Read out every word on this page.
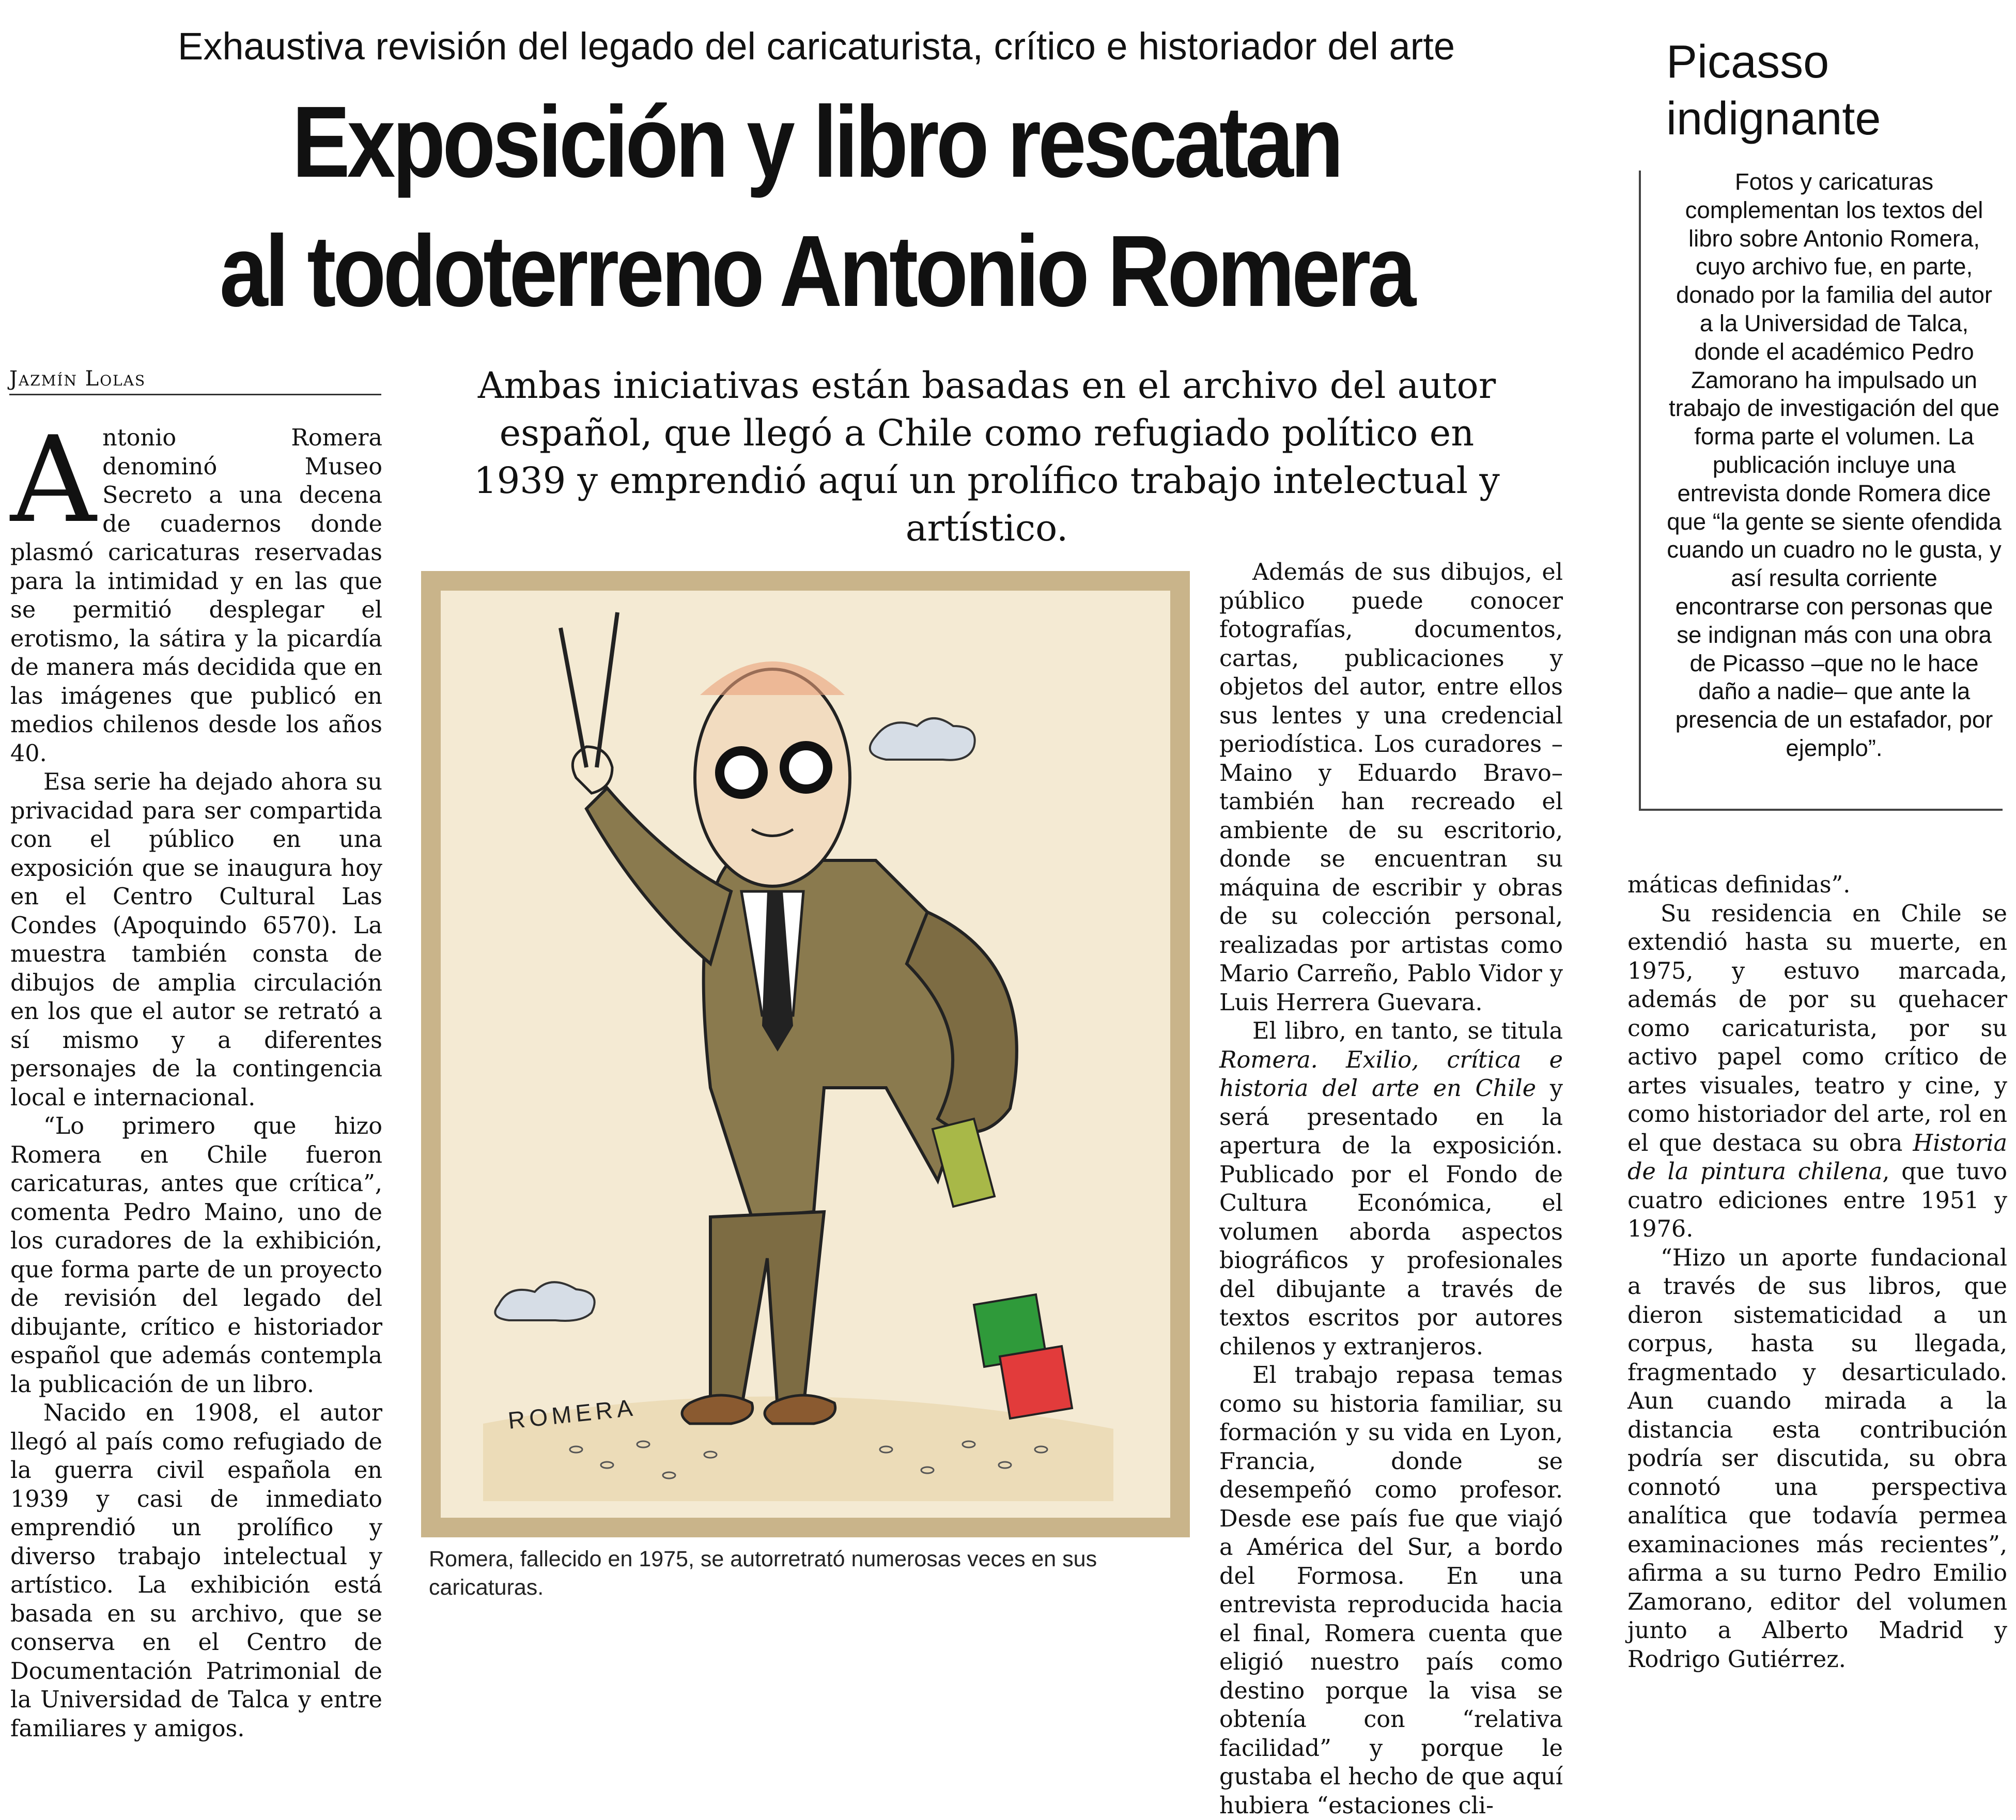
Exhaustiva revisión del legado del caricaturista, crítico e historiador del arte
Exposición y libro rescatan
al todoterreno Antonio Romera
Jazmín Lolas	Ambas iniciativas están basadas en el archivo del autor español, que llegó a Chile como refugiado político en 1939 y emprendió aquí un prolífico trabajo intelectual y artístico.

Antonio Romera denominó Museo Secreto a una decena de cuadernos donde plasmó caricaturas reservadas para la intimidad y en las que se permitió desplegar el erotismo, la sátira y la picardía de manera más decidida que en las imágenes que publicó en medios chilenos desde los años 40.

Esa serie ha dejado ahora su privacidad para ser compartida con el público en una exposición que se inaugura hoy en el Centro Cultural Las Condes (Apoquindo 6570). La muestra también consta de dibujos de amplia circulación en los que el autor se retrató a sí mismo y a diferentes personajes de la contingencia local e internacional.

“Lo primero que hizo Romera en Chile fueron caricaturas, antes que crítica”, comenta Pedro Maino, uno de los curadores de la exhibición, que forma parte de un proyecto de revisión del legado del dibujante, crítico e historiador español que además contempla la publicación de un libro.

Nacido en 1908, el autor llegó al país como refugiado de la guerra civil española en 1939 y casi de inmediato emprendió un prolífico y diverso trabajo intelectual y artístico. La exhibición está basada en su archivo, que se conserva en el Centro de Documentación Patrimonial de la Universidad de Talca y entre familiares y amigos.

ROMERA
Romera, fallecido en 1975, se autorretrató numerosas veces en sus caricaturas.

Además de sus dibujos, el público puede conocer fotografías, documentos, cartas, publicaciones y objetos del autor, entre ellos sus lentes y una credencial periodística. Los curadores –Maino y Eduardo Bravo– también han recreado el ambiente de su escritorio, donde se encuentran su máquina de escribir y obras de su colección personal, realizadas por artistas como Mario Carreño, Pablo Vidor y Luis Herrera Guevara.

El libro, en tanto, se titula Romera. Exilio, crítica e historia del arte en Chile y será presentado en la apertura de la exposición. Publicado por el Fondo de Cultura Económica, el volumen aborda aspectos biográficos y profesionales del dibujante a través de textos escritos por autores chilenos y extranjeros.

El trabajo repasa temas como su historia familiar, su formación y su vida en Lyon, Francia, donde se desempeñó como profesor. Desde ese país fue que viajó a América del Sur, a bordo del Formosa. En una entrevista reproducida hacia el final, Romera cuenta que eligió nuestro país como destino porque la visa se obtenía con “relativa facilidad” y porque le gustaba el hecho de que aquí hubiera “estaciones cli-

Picasso
indignante
Fotos y caricaturas complementan los textos del libro sobre Antonio Romera, cuyo archivo fue, en parte, donado por la familia del autor a la Universidad de Talca, donde el académico Pedro Zamorano ha impulsado un trabajo de investigación del que forma parte el volumen. La publicación incluye una entrevista donde Romera dice que “la gente se siente ofendida cuando un cuadro no le gusta, y así resulta corriente encontrarse con personas que se indignan más con una obra de Picasso –que no le hace daño a nadie– que ante la presencia de un estafador, por ejemplo”.

máticas definidas”.

Su residencia en Chile se extendió hasta su muerte, en 1975, y estuvo marcada, además de por su quehacer como caricaturista, por su activo papel como crítico de artes visuales, teatro y cine, y como historiador del arte, rol en el que destaca su obra Historia de la pintura chilena, que tuvo cuatro ediciones entre 1951 y 1976.

“Hizo un aporte fundacional a través de sus libros, que dieron sistematicidad a un corpus, hasta su llegada, fragmentado y desarticulado. Aun cuando mirada a la distancia esta contribución podría ser discutida, su obra connotó una perspectiva analítica que todavía permea examinaciones más recientes”, afirma a su turno Pedro Emilio Zamorano, editor del volumen junto a Alberto Madrid y Rodrigo Gutiérrez.
